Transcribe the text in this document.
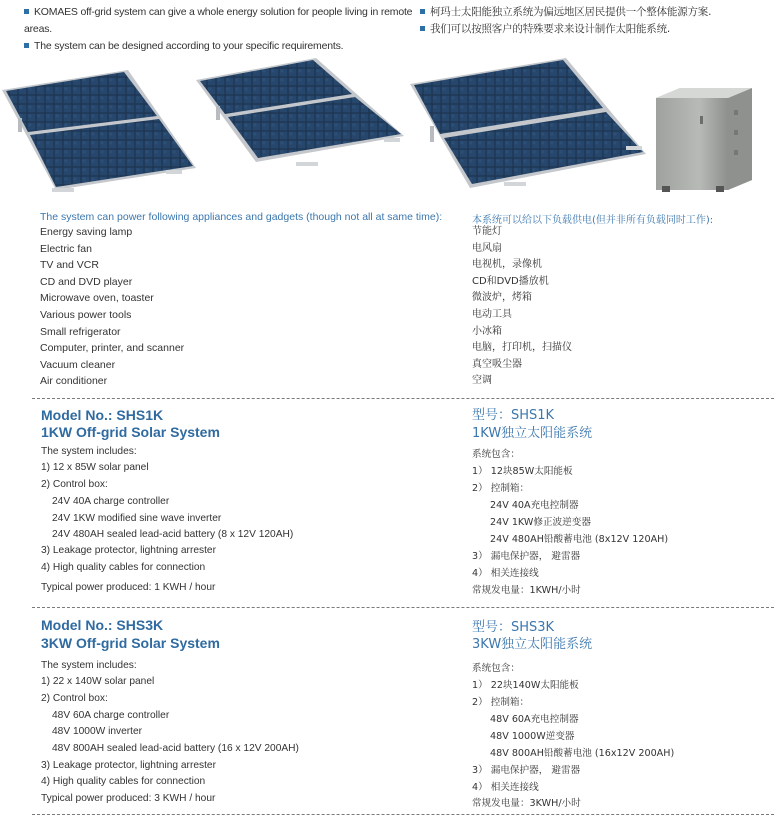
KOMAES off-grid system can give a whole energy solution for people living in remote areas.
The system can be designed according to your specific requirements.
柯玛士太阳能独立系统为偏远地区居民提供一个整体能源方案.
我们可以按照客户的特殊要求来设计制作太阳能系统.
The system can power following appliances and gadgets (though not all at same time):	本系统可以给以下负载供电(但并非所有负载同时工作):
Energy saving lamp
Electric fan
TV and VCR
CD and DVD player
Microwave oven, toaster
Various power tools
Small refrigerator
Computer, printer, and scanner
Vacuum cleaner
Air conditioner
节能灯
电风扇
电视机，录像机
CD和DVD播放机
微波炉，烤箱
电动工具
小冰箱
电脑，打印机，扫描仪
真空吸尘器
空调
Model No.: SHS1K
1KW Off-grid Solar System
型号：SHS1K
1KW独立太阳能系统
The system includes:
1) 12 x 85W solar panel
2) Control box:
24V 40A charge controller
24V 1KW modified sine wave inverter
24V 480AH sealed lead-acid battery (8 x 12V 120AH)
3) Leakage protector, lightning arrester
4) High quality cables for connection
Typical power produced: 1 KWH / hour
系统包含：
1） 12块85W太阳能板
2） 控制箱：
24V 40A充电控制器
24V 1KW修正波逆变器
24V 480AH铅酸蓄电池 (8x12V 120AH)
3） 漏电保护器， 避雷器
4） 相关连接线
常规发电量：1KWH/小时
Model No.: SHS3K
3KW Off-grid Solar System
型号：SHS3K
3KW独立太阳能系统
The system includes:
1) 22 x 140W solar panel
2) Control box:
48V 60A charge controller
48V 1000W inverter
48V 800AH sealed lead-acid battery (16 x 12V 200AH)
3) Leakage protector, lightning arrester
4) High quality cables for connection
Typical power produced: 3 KWH / hour
系统包含：
1） 22块140W太阳能板
2） 控制箱：
48V 60A充电控制器
48V 1000W逆变器
48V 800AH铅酸蓄电池 (16x12V 200AH)
3） 漏电保护器， 避雷器
4） 相关连接线
常规发电量：3KWH/小时
